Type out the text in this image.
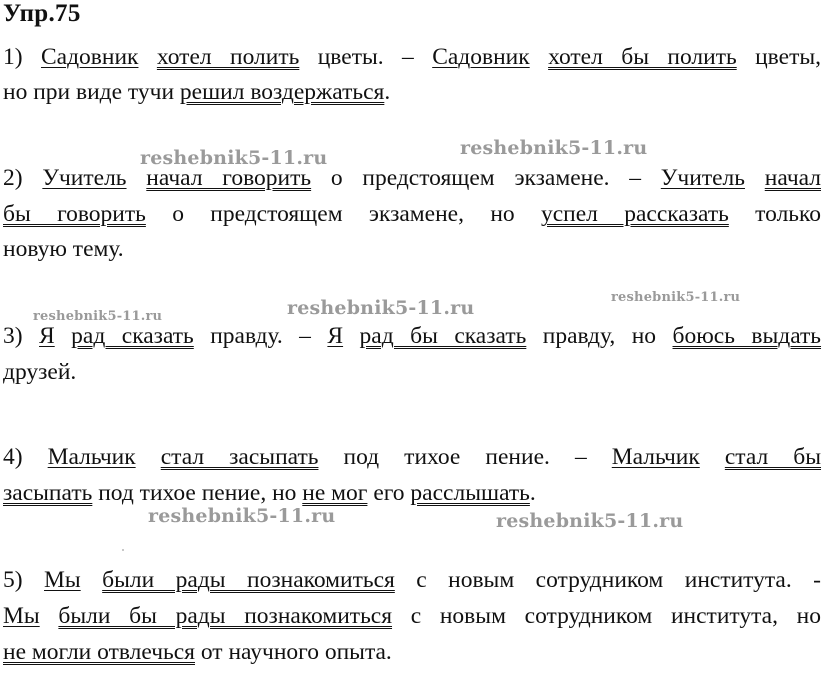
Упр.75
1) Садовник хотел полить цветы. – Садовник хотел бы полить цветы,
но при виде тучи решил воздержаться.
2) Учитель начал говорить о предстоящем экзамене. – Учитель начал
бы говорить о предстоящем экзамене, но успел рассказать только
новую тему.
3) Я рад сказать правду. – Я рад бы сказать правду, но боюсь выдать
друзей.
4) Мальчик стал засыпать под тихое пение. – Мальчик стал бы
засыпать под тихое пение, но не мог его расслышать.
5) Мы были рады познакомиться с новым сотрудником института. -
Мы были бы рады познакомиться с новым сотрудником института, но
не могли отвлечься от научного опыта.
reshebnik5-11.ru	reshebnik5-11.ru
reshebnik5-11.ru	reshebnik5-11.ru	reshebnik5-11.ru
reshebnik5-11.ru	reshebnik5-11.ru
